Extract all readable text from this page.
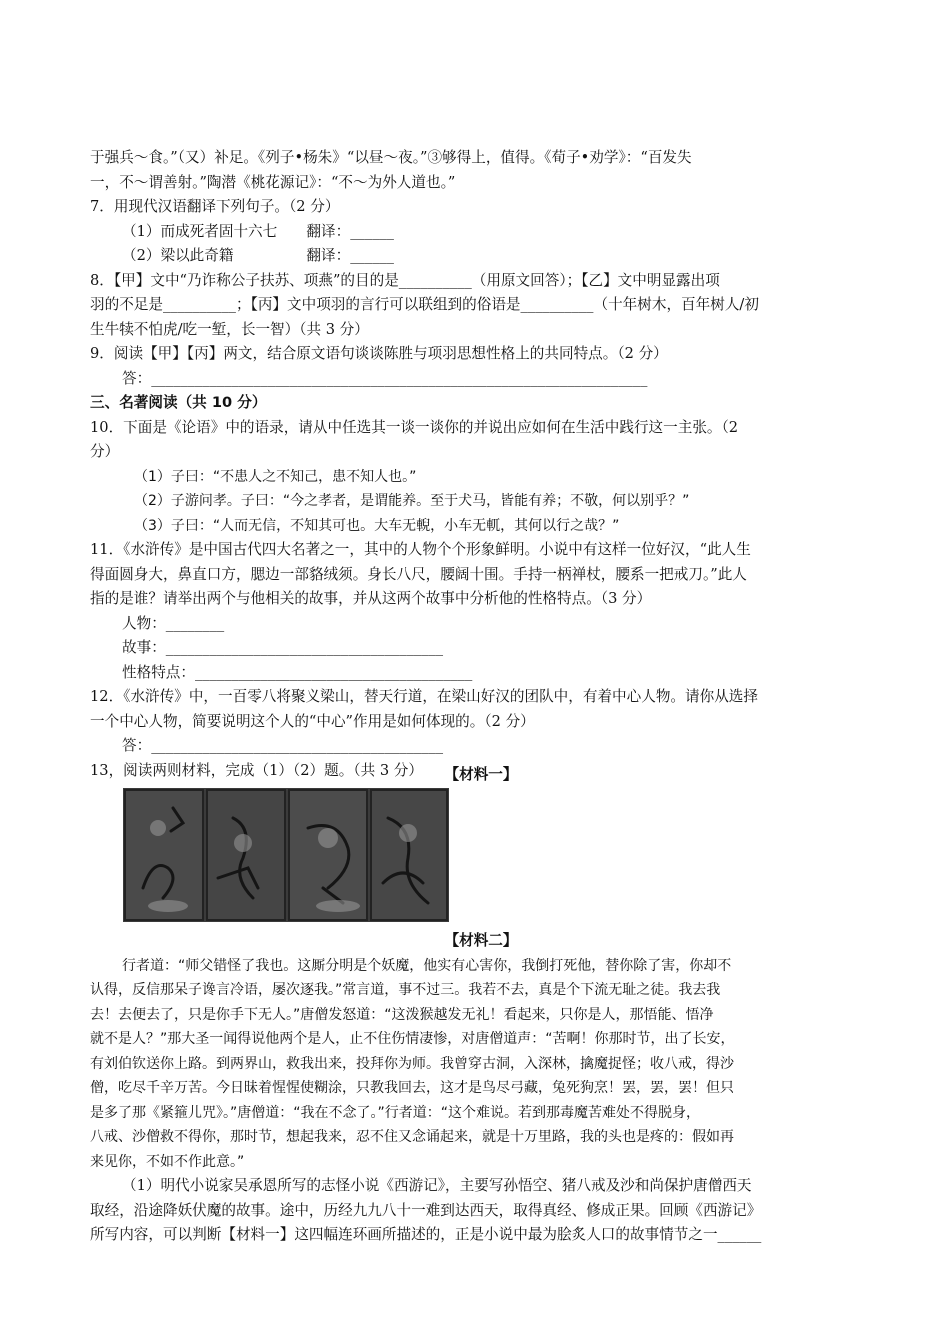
于强兵～食。”（又）补足。《列子•杨朱》“以昼～夜。”③够得上，值得。《荀子•劝学》：“百发失

一，不～谓善射。”陶潜《桃花源记》：“不～为外人道也。”

7．用现代汉语翻译下列句子。（2 分）

（1）而成死者固十六七　　翻译：______

（2）梁以此奇籍　　　　　翻译：______

8．【甲】文中“乃诈称公子扶苏、项燕”的目的是__________（用原文回答）；【乙】文中明显露出项

羽的不足是__________；【丙】文中项羽的言行可以联组到的俗语是__________（十年树木，百年树人/初

生牛犊不怕虎/吃一堑，长一智）（共 3 分）

9．阅读【甲】【丙】两文，结合原文语句谈谈陈胜与项羽思想性格上的共同特点。（2 分）

答：____________________________________________________________________

三、名著阅读（共 10 分）

10．下面是《论语》中的语录，请从中任选其一谈一谈你的并说出应如何在生活中践行这一主张。（2

分）

（1）子曰：“不患人之不知己，患不知人也。”

（2）子游问孝。子曰：“今之孝者，是谓能养。至于犬马，皆能有养；不敬，何以别乎？”

（3）子曰：“人而无信，不知其可也。大车无輗，小车无軏，其何以行之哉？”

11．《水浒传》是中国古代四大名著之一，其中的人物个个形象鲜明。小说中有这样一位好汉，“此人生

得面圆身大，鼻直口方，腮边一部貉绒须。身长八尺，腰阔十围。手持一柄禅杖，腰系一把戒刀。”此人

指的是谁？请举出两个与他相关的故事，并从这两个故事中分析他的性格特点。（3 分）

人物：________

故事：______________________________________

性格特点：______________________________________

12．《水浒传》中，一百零八将聚义梁山，替天行道，在梁山好汉的团队中，有着中心人物。请你从选择

一个中心人物，简要说明这个人的“中心”作用是如何体现的。（2 分）

答：________________________________________

13，阅读两则材料，完成（1）（2）题。（共 3 分）	【材料一】

【材料二】

行者道：“师父错怪了我也。这厮分明是个妖魔，他实有心害你，我倒打死他，替你除了害，你却不

认得，反信那呆子谗言冷语，屡次逐我。”常言道，事不过三。我若不去，真是个下流无耻之徒。我去我

去！去便去了，只是你手下无人。”唐僧发怒道：“这泼猴越发无礼！看起来，只你是人，那悟能、悟净

就不是人？”那大圣一闻得说他两个是人，止不住伤情凄惨，对唐僧道声：“苦啊！你那时节，出了长安，

有刘伯钦送你上路。到两界山，救我出来，投拜你为师。我曾穿古洞，入深林，擒魔捉怪；收八戒，得沙

僧，吃尽千辛万苦。今日昧着惺惺使糊涂，只教我回去，这才是鸟尽弓藏，兔死狗烹！罢，罢，罢！但只

是多了那《紧箍儿咒》。”唐僧道：“我在不念了。”行者道：“这个难说。若到那毒魔苦难处不得脱身，

八戒、沙僧救不得你，那时节，想起我来，忍不住又念诵起来，就是十万里路，我的头也是疼的：假如再

来见你，不如不作此意。”

（1）明代小说家吴承恩所写的志怪小说《西游记》，主要写孙悟空、猪八戒及沙和尚保护唐僧西天

取经，沿途降妖伏魔的故事。途中，历经九九八十一难到达西天，取得真经、修成正果。回顾《西游记》

所写内容，可以判断【材料一】这四幅连环画所描述的，正是小说中最为脍炙人口的故事情节之一______
